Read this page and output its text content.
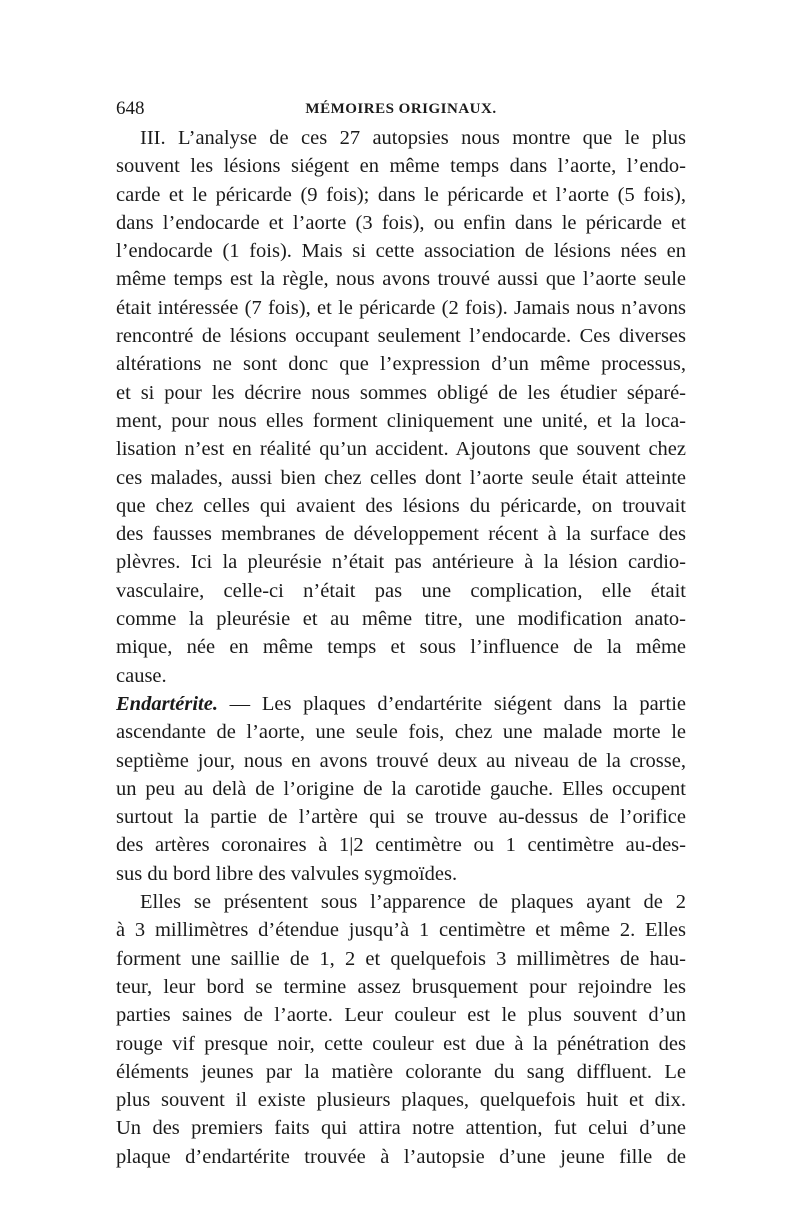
648	MÉMOIRES ORIGINAUX.
III. L’analyse de ces 27 autopsies nous montre que le plus
souvent les lésions siégent en même temps dans l’aorte, l’endo-
carde et le péricarde (9 fois); dans le péricarde et l’aorte (5 fois),
dans l’endocarde et l’aorte (3 fois), ou enfin dans le péricarde et
l’endocarde (1 fois). Mais si cette association de lésions nées en
même temps est la règle, nous avons trouvé aussi que l’aorte seule
était intéressée (7 fois), et le péricarde (2 fois). Jamais nous n’avons
rencontré de lésions occupant seulement l’endocarde. Ces diverses
altérations ne sont donc que l’expression d’un même processus,
et si pour les décrire nous sommes obligé de les étudier séparé-
ment, pour nous elles forment cliniquement une unité, et la loca-
lisation n’est en réalité qu’un accident. Ajoutons que souvent chez
ces malades, aussi bien chez celles dont l’aorte seule était atteinte
que chez celles qui avaient des lésions du péricarde, on trouvait
des fausses membranes de développement récent à la surface des
plèvres. Ici la pleurésie n’était pas antérieure à la lésion cardio-
vasculaire, celle-ci n’était pas une complication, elle était
comme la pleurésie et au même titre, une modification anato-
mique, née en même temps et sous l’influence de la même
cause.
Endartérite. — Les plaques d’endartérite siégent dans la partie
ascendante de l’aorte, une seule fois, chez une malade morte le
septième jour, nous en avons trouvé deux au niveau de la crosse,
un peu au delà de l’origine de la carotide gauche. Elles occupent
surtout la partie de l’artère qui se trouve au-dessus de l’orifice
des artères coronaires à 1|2 centimètre ou 1 centimètre au-des-
sus du bord libre des valvules sygmoïdes.
Elles se présentent sous l’apparence de plaques ayant de 2
à 3 millimètres d’étendue jusqu’à 1 centimètre et même 2. Elles
forment une saillie de 1, 2 et quelquefois 3 millimètres de hau-
teur, leur bord se termine assez brusquement pour rejoindre les
parties saines de l’aorte. Leur couleur est le plus souvent d’un
rouge vif presque noir, cette couleur est due à la pénétration des
éléments jeunes par la matière colorante du sang diffluent. Le
plus souvent il existe plusieurs plaques, quelquefois huit et dix.
Un des premiers faits qui attira notre attention, fut celui d’une
plaque d’endartérite trouvée à l’autopsie d’une jeune fille de
